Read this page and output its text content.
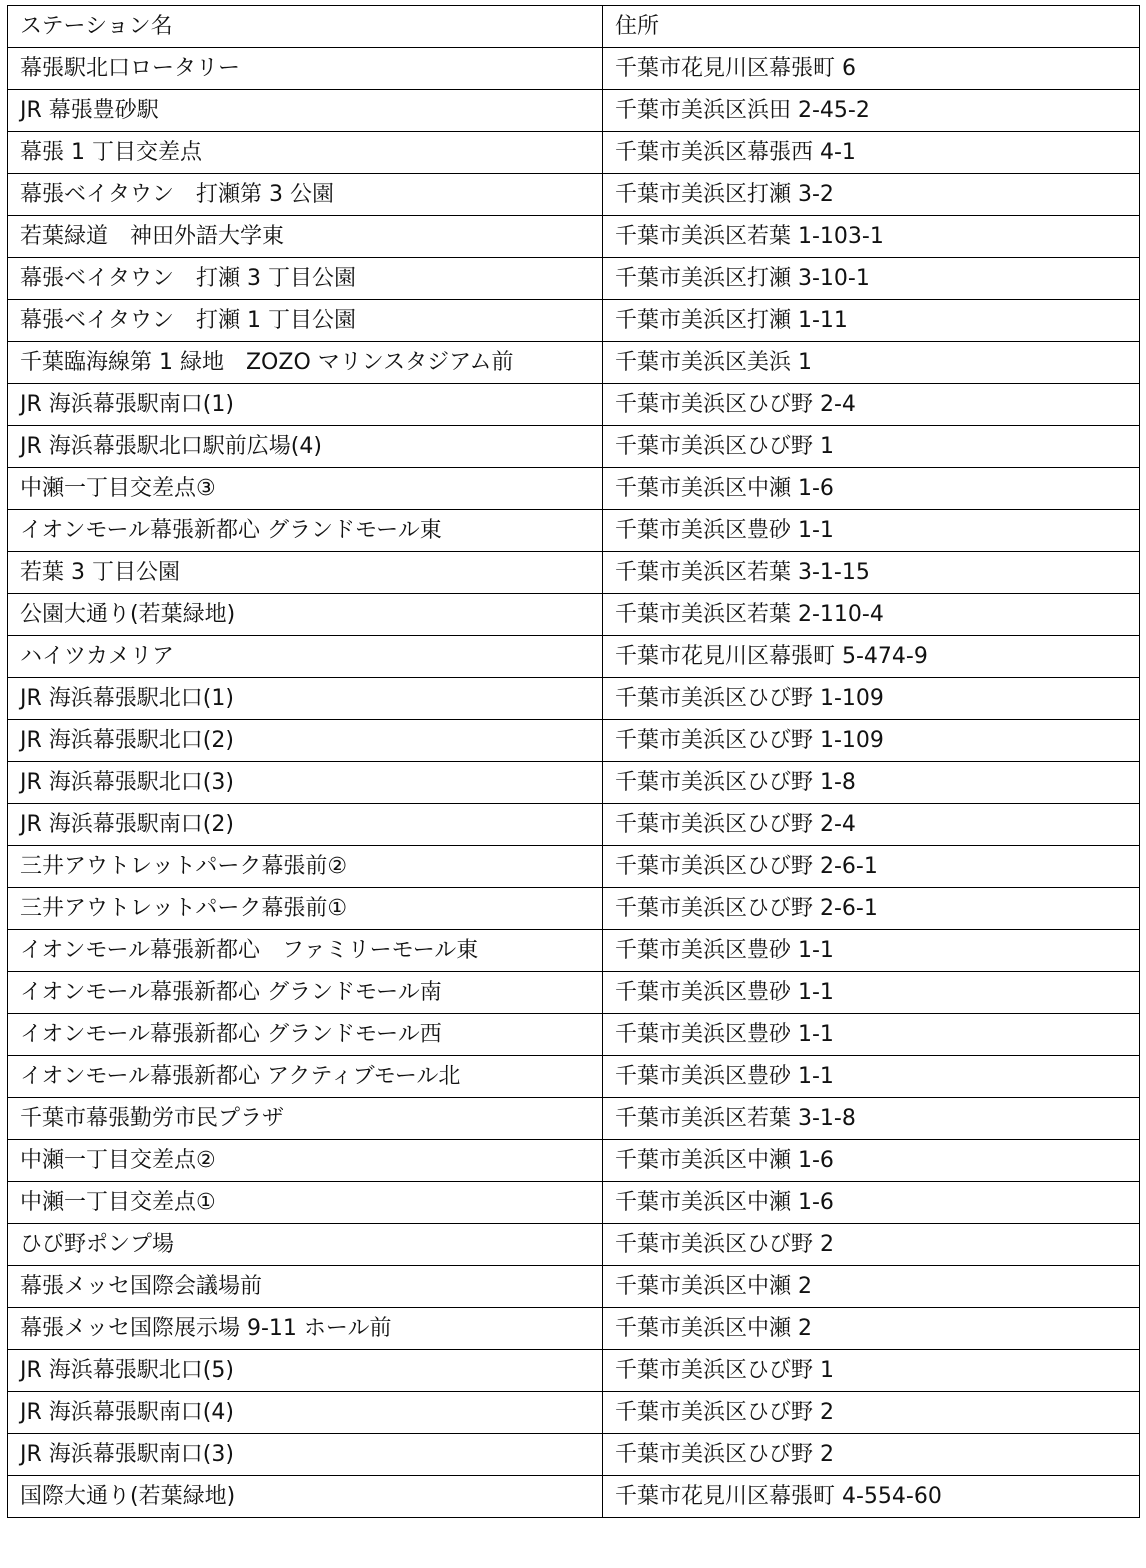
ステーション名	住所
幕張駅北口ロータリー	千葉市花見川区幕張町 6
JR 幕張豊砂駅	千葉市美浜区浜田 2-45-2
幕張 1 丁目交差点	千葉市美浜区幕張西 4-1
幕張ベイタウン　打瀬第 3 公園	千葉市美浜区打瀬 3-2
若葉緑道　神田外語大学東	千葉市美浜区若葉 1-103-1
幕張ベイタウン　打瀬 3 丁目公園	千葉市美浜区打瀬 3-10-1
幕張ベイタウン　打瀬 1 丁目公園	千葉市美浜区打瀬 1-11
千葉臨海線第 1 緑地　ZOZO マリンスタジアム前	千葉市美浜区美浜 1
JR 海浜幕張駅南口(1)	千葉市美浜区ひび野 2-4
JR 海浜幕張駅北口駅前広場(4)	千葉市美浜区ひび野 1
中瀬一丁目交差点③	千葉市美浜区中瀬 1-6
イオンモール幕張新都心 グランドモール東	千葉市美浜区豊砂 1-1
若葉 3 丁目公園	千葉市美浜区若葉 3-1-15
公園大通り(若葉緑地)	千葉市美浜区若葉 2-110-4
ハイツカメリア	千葉市花見川区幕張町 5-474-9
JR 海浜幕張駅北口(1)	千葉市美浜区ひび野 1-109
JR 海浜幕張駅北口(2)	千葉市美浜区ひび野 1-109
JR 海浜幕張駅北口(3)	千葉市美浜区ひび野 1-8
JR 海浜幕張駅南口(2)	千葉市美浜区ひび野 2-4
三井アウトレットパーク幕張前②	千葉市美浜区ひび野 2-6-1
三井アウトレットパーク幕張前①	千葉市美浜区ひび野 2-6-1
イオンモール幕張新都心　ファミリーモール東	千葉市美浜区豊砂 1-1
イオンモール幕張新都心 グランドモール南	千葉市美浜区豊砂 1-1
イオンモール幕張新都心 グランドモール西	千葉市美浜区豊砂 1-1
イオンモール幕張新都心 アクティブモール北	千葉市美浜区豊砂 1-1
千葉市幕張勤労市民プラザ	千葉市美浜区若葉 3-1-8
中瀬一丁目交差点②	千葉市美浜区中瀬 1-6
中瀬一丁目交差点①	千葉市美浜区中瀬 1-6
ひび野ポンプ場	千葉市美浜区ひび野 2
幕張メッセ国際会議場前	千葉市美浜区中瀬 2
幕張メッセ国際展示場 9-11 ホール前	千葉市美浜区中瀬 2
JR 海浜幕張駅北口(5)	千葉市美浜区ひび野 1
JR 海浜幕張駅南口(4)	千葉市美浜区ひび野 2
JR 海浜幕張駅南口(3)	千葉市美浜区ひび野 2
国際大通り(若葉緑地)	千葉市花見川区幕張町 4-554-60
